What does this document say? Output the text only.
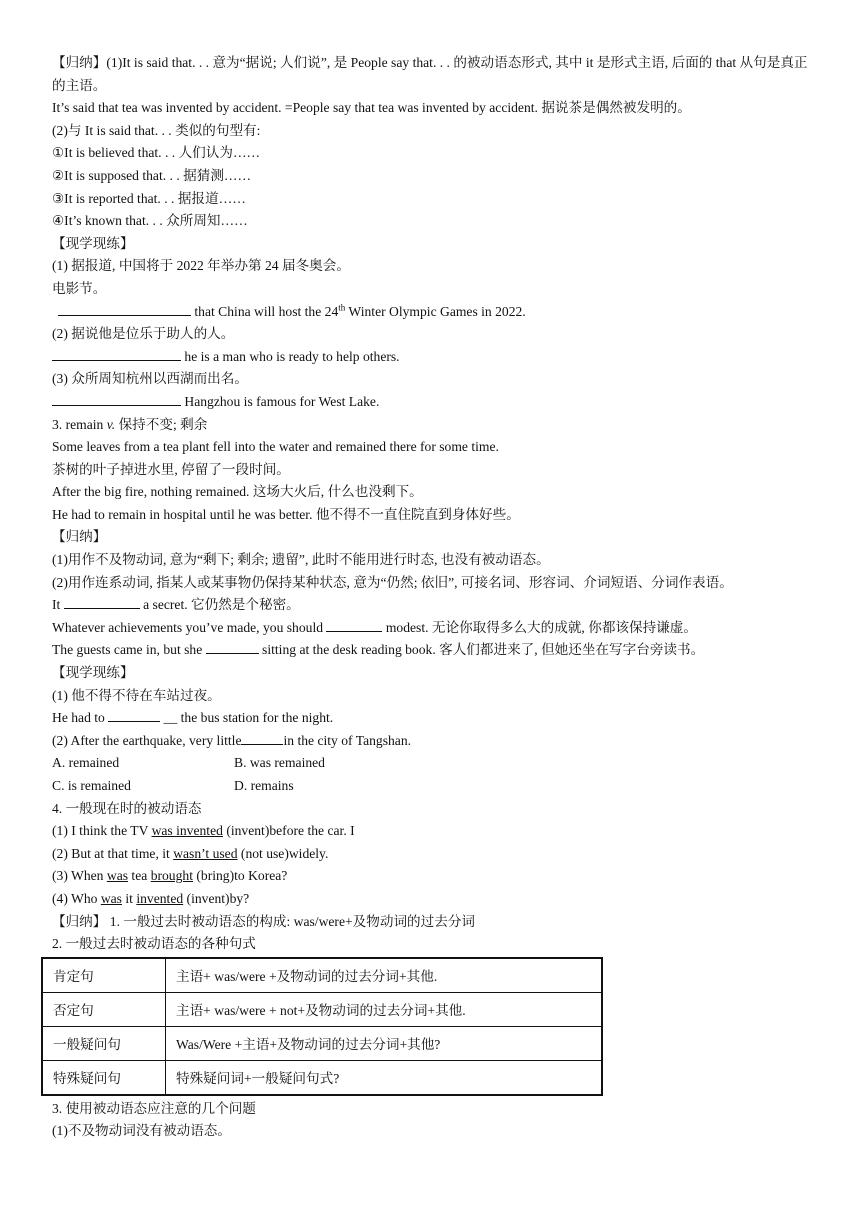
【归纳】(1)It is said that. . . 意为“据说; 人们说”, 是 People say that. . . 的被动语态形式, 其中 it 是形式主语, 后面的 that 从句是真正的主语。
It’s said that tea was invented by accident. =People say that tea was invented by accident. 据说茶是偶然被发明的。
(2)与 It is said that. . . 类似的句型有:
①It is believed that. . . 人们认为……
②It is supposed that. . . 据猜测……
③It is reported that. . . 据报道……
④It’s known that. . . 众所周知……
【现学现练】
(1) 据报道, 中国将于 2022 年举办第 24 届冬奥会。
电影节。
that China will host the 24th Winter Olympic Games in 2022.
(2) 据说他是位乐于助人的人。
he is a man who is ready to help others.
(3) 众所周知杭州以西湖而出名。
Hangzhou is famous for West Lake.
3. remain v. 保持不变; 剩余
Some leaves from a tea plant fell into the water and remained there for some time.
茶树的叶子掉进水里, 停留了一段时间。
After the big fire, nothing remained. 这场大火后, 什么也没剩下。
He had to remain in hospital until he was better. 他不得不一直住院直到身体好些。
【归纳】
(1)用作不及物动词, 意为“剩下; 剩余; 遗留”, 此时不能用进行时态, 也没有被动语态。
(2)用作连系动词, 指某人或某事物仍保持某种状态, 意为“仍然; 依旧”, 可接名词、形容词、介词短语、分词作表语。
It	a secret. 它仍然是个秘密。
Whatever achievements you’ve made, you should	modest. 无论你取得多么大的成就, 你都该保持谦虚。
The guests came in, but she	sitting at the desk reading book. 客人们都进来了, 但她还坐在写字台旁读书。
【现学现练】
(1) 他不得不待在车站过夜。
He had to	__ the bus station for the night.
(2) After the earthquake, very little	in the city of Tangshan.
A. remained	B. was remained
C. is remained	D. remains
4. 一般现在时的被动语态
(1) I think the TV was invented (invent)before the car. I
(2) But at that time, it wasn’t used (not use)widely.
(3) When was tea brought (bring)to Korea?
(4) Who was it invented (invent)by?
【归纳】 1. 一般过去时被动语态的构成: was/were+及物动词的过去分词
2. 一般过去时被动语态的各种句式
肯定句	主语+ was/were +及物动词的过去分词+其他.
否定句	主语+ was/were + not+及物动词的过去分词+其他.
一般疑问句	Was/Were +主语+及物动词的过去分词+其他?
特殊疑问句	特殊疑问词+一般疑问句式?
3. 使用被动语态应注意的几个问题
(1)不及物动词没有被动语态。
